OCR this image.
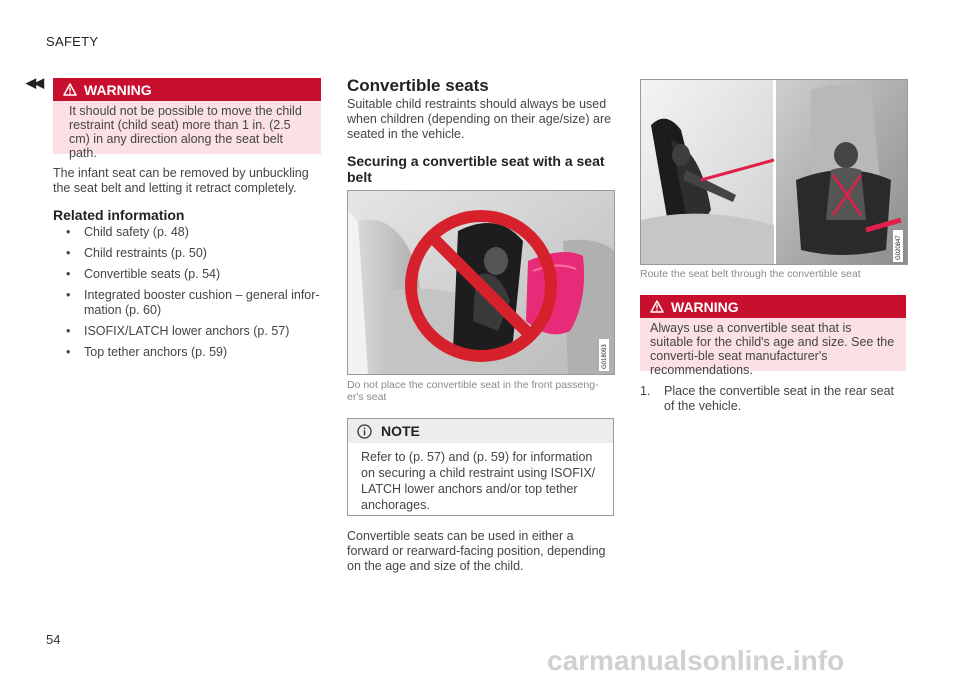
SAFETY
◀◀	WARNING
It should not be possible to move the child restraint (child seat) more than 1 in. (2.5 cm) in any direction along the seat belt path.
The infant seat can be removed by unbuckling the seat belt and letting it retract completely.
Related information
• Child safety (p. 48)
• Child restraints (p. 50)
• Convertible seats (p. 54)
• Integrated booster cushion – general infor-mation (p. 60)
• ISOFIX/LATCH lower anchors (p. 57)
• Top tether anchors (p. 59)
Convertible seats
Suitable child restraints should always be used when children (depending on their age/size) are seated in the vehicle.
Securing a convertible seat with a seat belt
G018093
Do not place the convertible seat in the front passeng-er's seat
NOTE
Refer to (p. 57) and (p. 59) for information on securing a child restraint using ISOFIX/ LATCH lower anchors and/or top tether anchorages.
Convertible seats can be used in either a forward or rearward-facing position, depending on the age and size of the child.
G020847
Route the seat belt through the convertible seat
WARNING
Always use a convertible seat that is suitable for the child's age and size. See the converti-ble seat manufacturer's recommendations.
1. Place the convertible seat in the rear seat of the vehicle.
54
carmanualsonline.info
